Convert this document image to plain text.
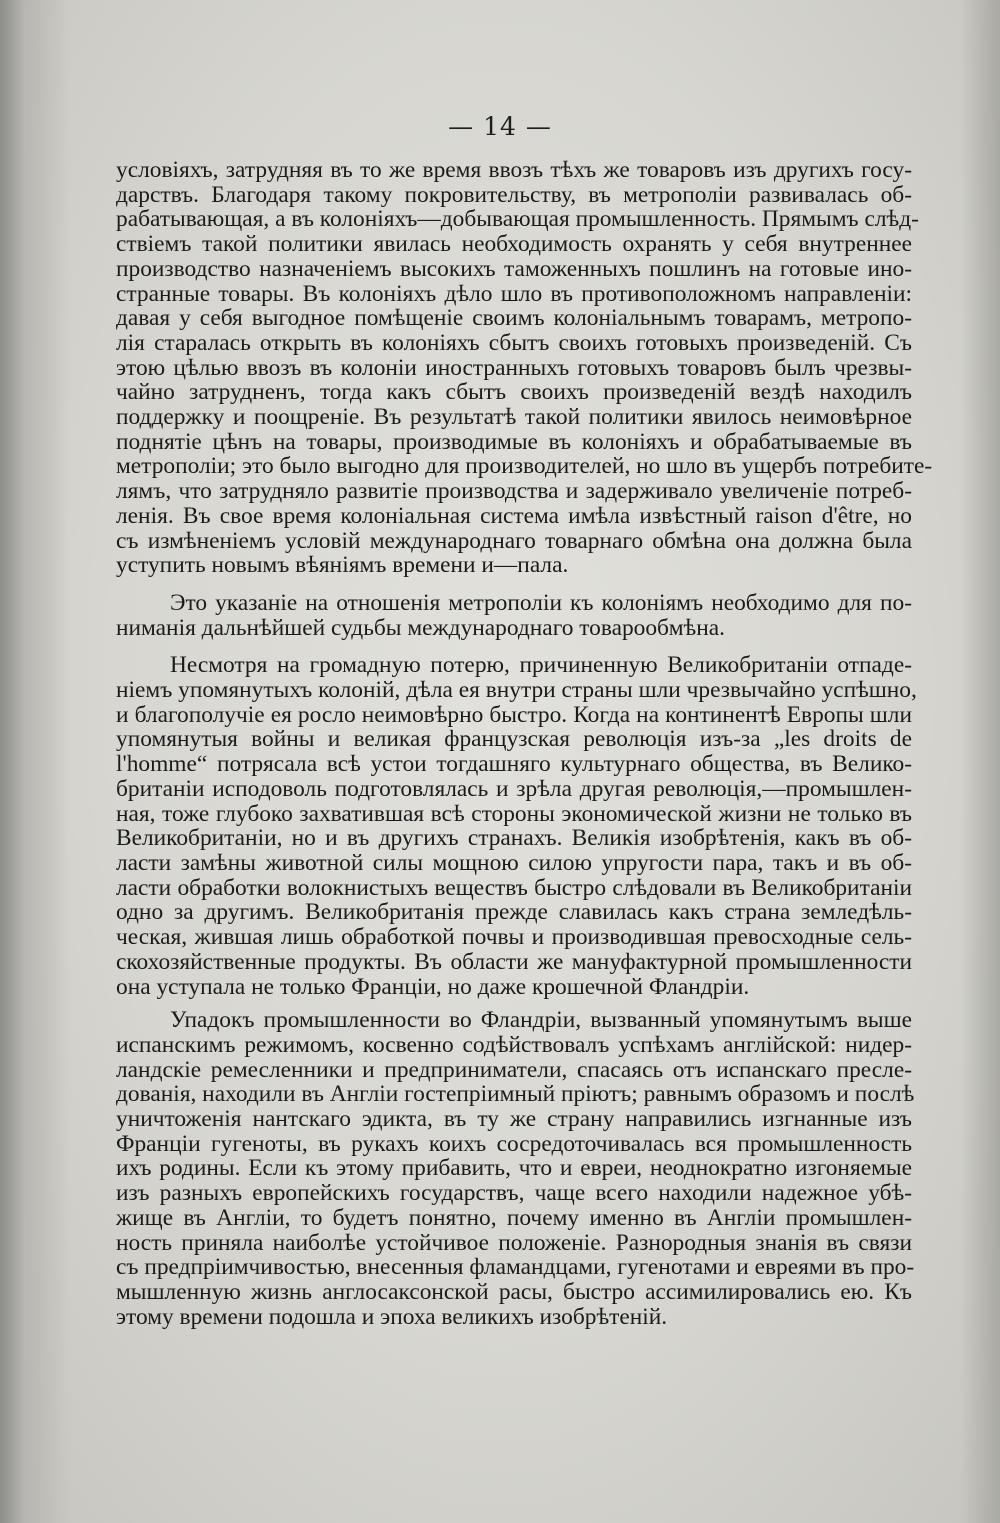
— 14 —
условіяхъ, затрудняя въ то же время ввозъ тѣхъ же товаровъ изъ другихъ госу-
дарствъ. Благодаря такому покровительству, въ метрополіи развивалась об-
рабатывающая, а въ колоніяхъ—добывающая промышленность. Прямымъ слѣд-
ствіемъ такой политики явилась необходимость охранять у себя внутреннее
производство назначеніемъ высокихъ таможенныхъ пошлинъ на готовые ино-
странные товары. Въ колоніяхъ дѣло шло въ противоположномъ направленіи:
давая у себя выгодное помѣщеніе своимъ колоніальнымъ товарамъ, метропо-
лія старалась открыть въ колоніяхъ сбытъ своихъ готовыхъ произведеній. Съ
этою цѣлью ввозъ въ колоніи иностранныхъ готовыхъ товаровъ былъ чрезвы-
чайно затрудненъ, тогда какъ сбытъ своихъ произведеній вездѣ находилъ
поддержку и поощреніе. Въ результатѣ такой политики явилось неимовѣрное
поднятіе цѣнъ на товары, производимые въ колоніяхъ и обрабатываемые въ
метрополіи; это было выгодно для производителей, но шло въ ущербъ потребите-
лямъ, что затрудняло развитіе производства и задерживало увеличеніе потреб-
ленія. Въ свое время колоніальная система имѣла извѣстный raison d'être, но
съ измѣненіемъ условій международнаго товарнаго обмѣна она должна была
уступить новымъ вѣяніямъ времени и—пала.
Это указаніе на отношенія метрополіи къ колоніямъ необходимо для по-
ниманія дальнѣйшей судьбы международнаго товарообмѣна.
Несмотря на громадную потерю, причиненную Великобританіи отпаде-
ніемъ упомянутыхъ колоній, дѣла ея внутри страны шли чрезвычайно успѣшно,
и благополучіе ея росло неимовѣрно быстро. Когда на континентѣ Европы шли
упомянутыя войны и великая французская революція изъ-за „les droits de
l'homme“ потрясала всѣ устои тогдашняго культурнаго общества, въ Велико-
британіи исподоволь подготовлялась и зрѣла другая революція,—промышлен-
ная, тоже глубоко захватившая всѣ стороны экономической жизни не только въ
Великобританіи, но и въ другихъ странахъ. Великія изобрѣтенія, какъ въ об-
ласти замѣны животной силы мощною силою упругости пара, такъ и въ об-
ласти обработки волокнистыхъ веществъ быстро слѣдовали въ Великобританіи
одно за другимъ. Великобританія прежде славилась какъ страна земледѣль-
ческая, жившая лишь обработкой почвы и производившая превосходные сель-
скохозяйственные продукты. Въ области же мануфактурной промышленности
она уступала не только Франціи, но даже крошечной Фландріи.
Упадокъ промышленности во Фландріи, вызванный упомянутымъ выше
испанскимъ режимомъ, косвенно содѣйствовалъ успѣхамъ англійской: нидер-
ландскіе ремесленники и предприниматели, спасаясь отъ испанскаго пресле-
дованія, находили въ Англіи гостепріимный пріютъ; равнымъ образомъ и послѣ
уничтоженія нантскаго эдикта, въ ту же страну направились изгнанные изъ
Франціи гугеноты, въ рукахъ коихъ сосредоточивалась вся промышленность
ихъ родины. Если къ этому прибавить, что и евреи, неоднократно изгоняемые
изъ разныхъ европейскихъ государствъ, чаще всего находили надежное убѣ-
жище въ Англіи, то будетъ понятно, почему именно въ Англіи промышлен-
ность приняла наиболѣе устойчивое положеніе. Разнородныя знанія въ связи
съ предпріимчивостью, внесенныя фламандцами, гугенотами и евреями въ про-
мышленную жизнь англосаксонской расы, быстро ассимилировались ею. Къ
этому времени подошла и эпоха великихъ изобрѣтеній.
